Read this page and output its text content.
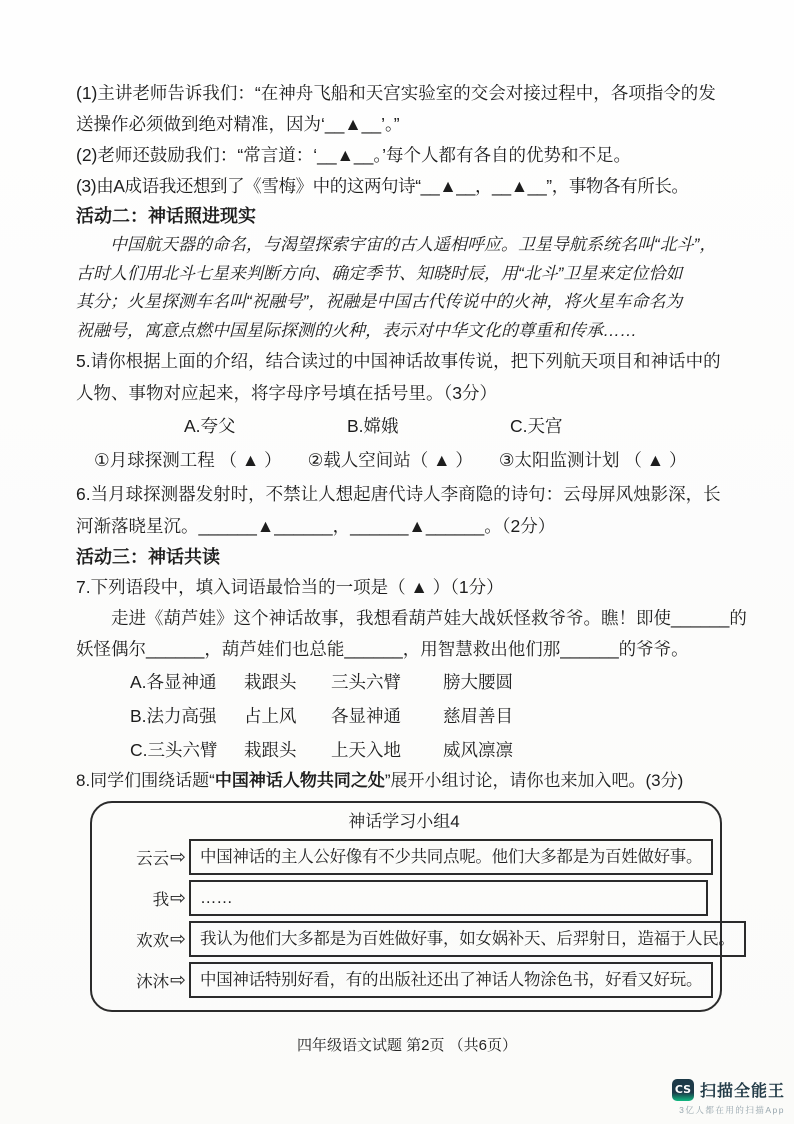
(1)主讲老师告诉我们：“在神舟飞船和天宫实验室的交会对接过程中，各项指令的发
送操作必须做到绝对精准，因为‘__▲__’。”
(2)老师还鼓励我们：“常言道：‘__▲__。’每个人都有各自的优势和不足。
(3)由A成语我还想到了《雪梅》中的这两句诗“__▲__，__▲__”，事物各有所长。
活动二：神话照进现实
中国航天器的命名，与渴望探索宇宙的古人遥相呼应。卫星导航系统名叫“北斗”，
古时人们用北斗七星来判断方向、确定季节、知晓时辰，用“北斗”卫星来定位恰如
其分；火星探测车名叫“祝融号”，祝融是中国古代传说中的火神，将火星车命名为
祝融号，寓意点燃中国星际探测的火种，表示对中华文化的尊重和传承……
5.请你根据上面的介绍，结合读过的中国神话故事传说，把下列航天项目和神话中的
人物、事物对应起来，将字母序号填在括号里。（3分）
A.夸父	B.嫦娥	C.天宫
①月球探测工程 （ ▲ ） ②载人空间站（ ▲ ） ③太阳监测计划 （ ▲ ）
6.当月球探测器发射时，不禁让人想起唐代诗人李商隐的诗句：云母屏风烛影深，长
河渐落晓星沉。______▲______，______▲______。（2分）
活动三：神话共读
7.下列语段中，填入词语最恰当的一项是（ ▲ ）（1分）
走进《葫芦娃》这个神话故事，我想看葫芦娃大战妖怪救爷爷。瞧！即使______的
妖怪偶尔______，葫芦娃们也总能______，用智慧救出他们那______的爷爷。
A.各显神通	栽跟头	三头六臂	膀大腰圆
B.法力高强	占上风	各显神通	慈眉善目
C.三头六臂	栽跟头	上天入地	威风凛凛
8.同学们围绕话题“中国神话人物共同之处”展开小组讨论，请你也来加入吧。(3分)
神话学习小组4
云云 ⇨ 中国神话的主人公好像有不少共同点呢。他们大多都是为百姓做好事。
我 ⇨ ……
欢欢 ⇨ 我认为他们大多都是为百姓做好事，如女娲补天、后羿射日，造福于人民。
沐沐 ⇨ 中国神话特别好看，有的出版社还出了神话人物涂色书，好看又好玩。
四年级语文试题 第2页 （共6页）
CS 扫描全能王
3亿人都在用的扫描App
